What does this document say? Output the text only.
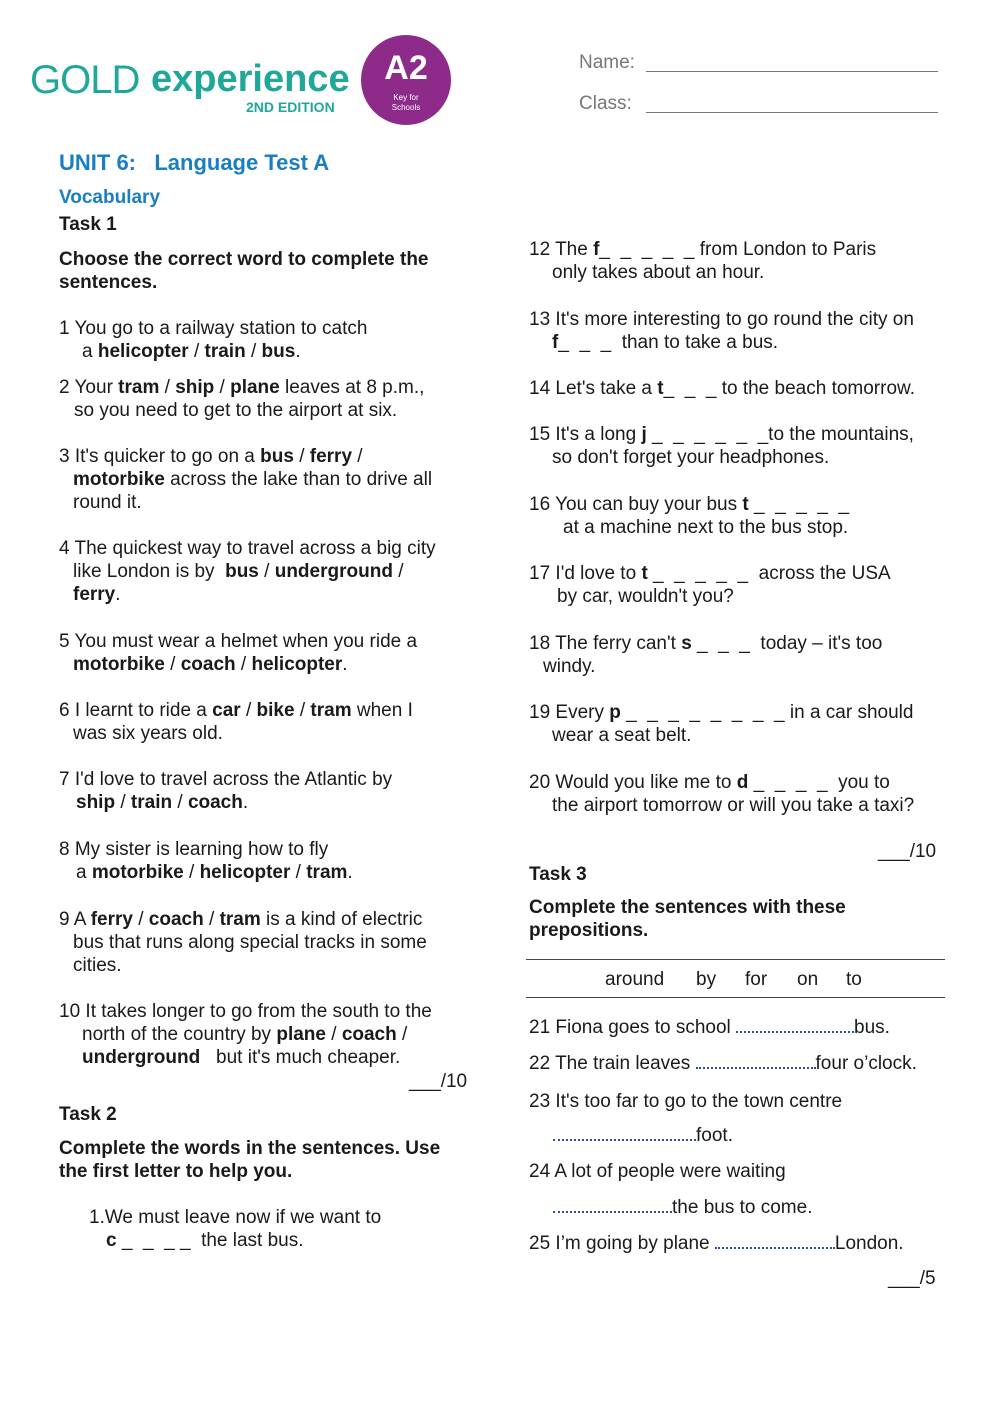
GOLD experience
2ND EDITION
A2
Key for
Schools
Name:
Class:
UNIT 6:   Language Test A
Vocabulary
Task 1
Choose the correct word to complete the
sentences.
1 You go to a railway station to catch
a helicopter / train / bus.
2 Your tram / ship / plane leaves at 8 p.m.,
so you need to get to the airport at six.
3 It's quicker to go on a bus / ferry /
motorbike across the lake than to drive all
round it.
4 The quickest way to travel across a big city
like London is by  bus / underground /
ferry.
5 You must wear a helmet when you ride a
motorbike / coach / helicopter.
6 I learnt to ride a car / bike / tram when I
was six years old.
7 I'd love to travel across the Atlantic by
ship / train / coach.
8 My sister is learning how to fly
a motorbike / helicopter / tram.
9 A ferry / coach / tram is a kind of electric
bus that runs along special tracks in some
cities.
10 It takes longer to go from the south to the
north of the country by plane / coach /
underground   but it's much cheaper.
___/10
Task 2
Complete the words in the sentences. Use
the first letter to help you.
1.We must leave now if we want to
c _  _  _ _  the last bus.
12 The f_  _  _  _  _ from London to Paris
only takes about an hour.
13 It's more interesting to go round the city on
f_  _  _  than to take a bus.
14 Let's take a t_  _  _ to the beach tomorrow.
15 It's a long j _  _  _  _  _  _to the mountains,
so don't forget your headphones.
16 You can buy your bus t _  _  _  _  _
at a machine next to the bus stop.
17 I'd love to t _  _  _  _  _  across the USA
by car, wouldn't you?
18 The ferry can't s _  _  _  today – it's too
windy.
19 Every p _  _  _  _  _  _  _  _ in a car should
wear a seat belt.
20 Would you like me to d _  _  _  _  you to
the airport tomorrow or will you take a taxi?
___/10
Task 3
Complete the sentences with these
prepositions.
around by for on to
21 Fiona goes to school	bus.
22 The train leaves	four o’clock.
23 It's too far to go to the town centre
foot.
24 A lot of people were waiting
the bus to come.
25 I’m going by plane	London.
___/5
